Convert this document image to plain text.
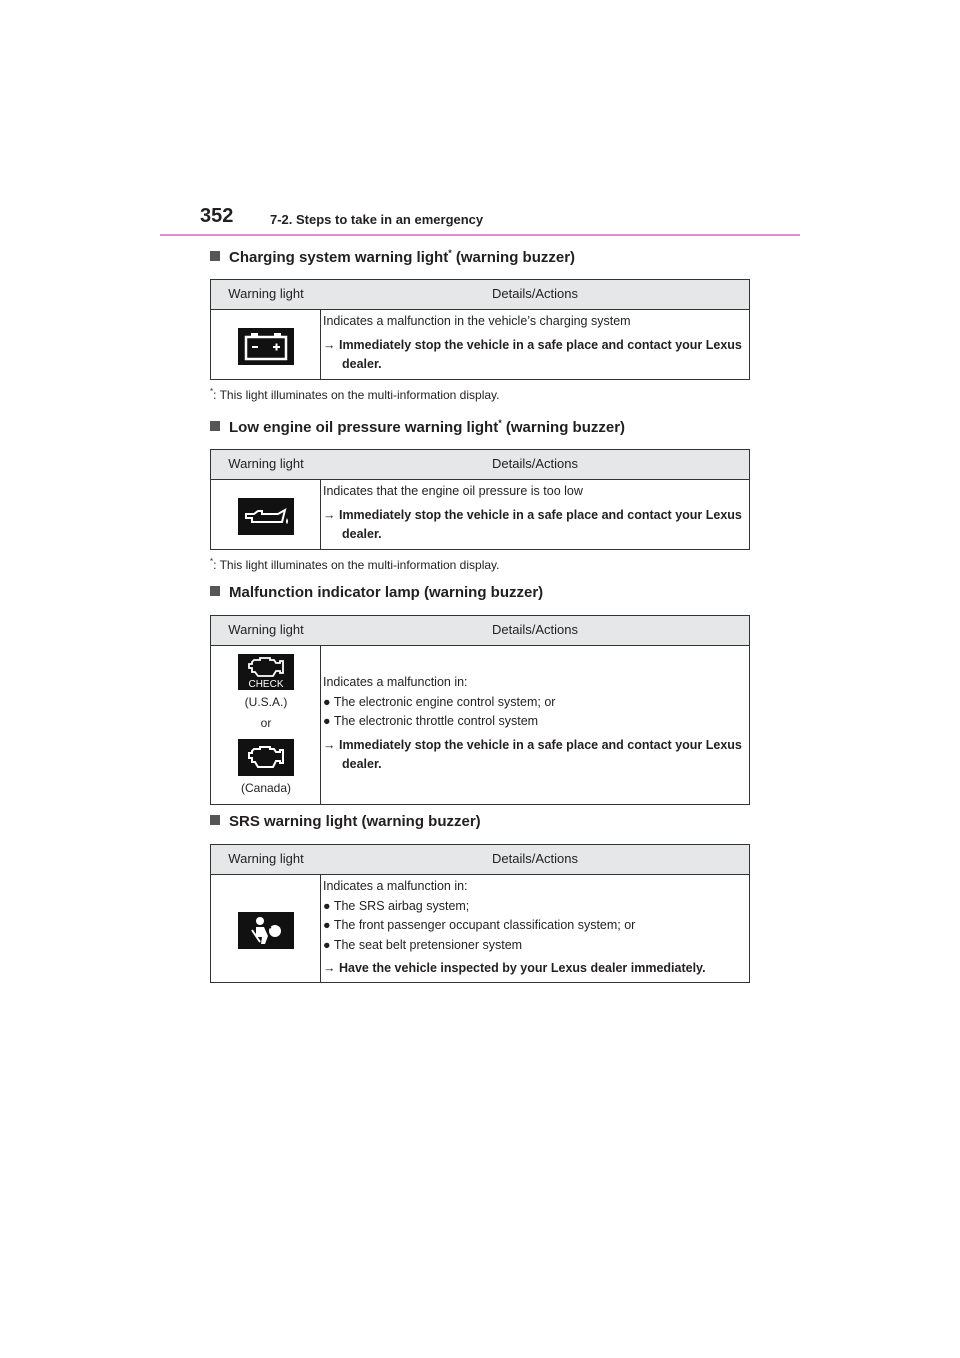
352	7-2. Steps to take in an emergency
Charging system warning light* (warning buzzer)
Warning light	Details/Actions
Indicates a malfunction in the vehicle’s charging system
→ Immediately stop the vehicle in a safe place and contact your Lexus dealer.
*: This light illuminates on the multi-information display.
Low engine oil pressure warning light* (warning buzzer)
Warning light	Details/Actions
Indicates that the engine oil pressure is too low
→ Immediately stop the vehicle in a safe place and contact your Lexus dealer.
*: This light illuminates on the multi-information display.
Malfunction indicator lamp (warning buzzer)
Warning light	Details/Actions
CHECK
(U.S.A.)
or
(Canada)
Indicates a malfunction in:
● The electronic engine control system; or
● The electronic throttle control system
→ Immediately stop the vehicle in a safe place and contact your Lexus dealer.
SRS warning light (warning buzzer)
Warning light	Details/Actions
Indicates a malfunction in:
● The SRS airbag system;
● The front passenger occupant classification system; or
● The seat belt pretensioner system
→ Have the vehicle inspected by your Lexus dealer immediately.
